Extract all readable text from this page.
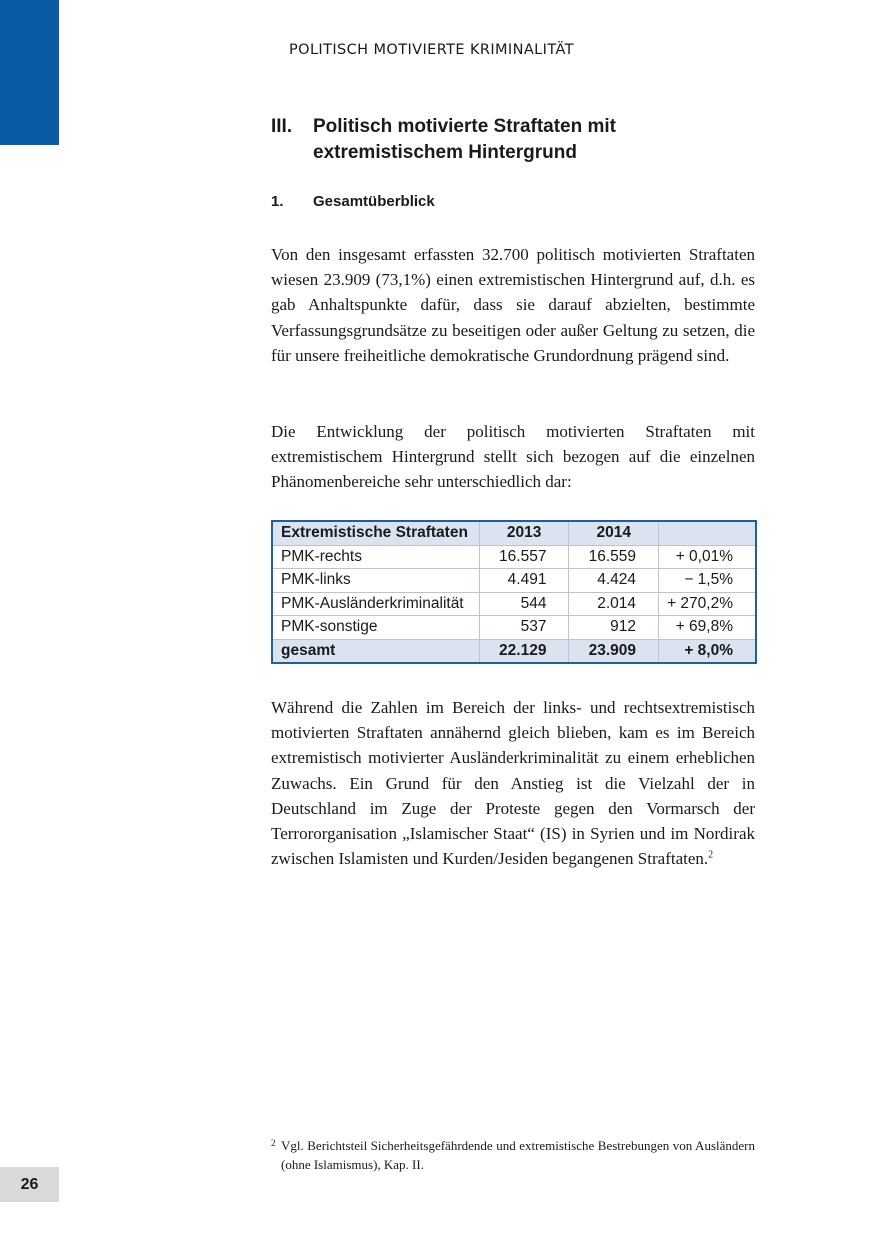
POLITISCH MOTIVIERTE KRIMINALITÄT
III.	Politisch motivierte Straftaten mit
extremistischem Hintergrund
1.	Gesamtüberblick

Von den insgesamt erfassten 32.700 politisch motivierten Straftaten wiesen 23.909 (73,1%) einen extremistischen Hintergrund auf, d.h. es gab Anhaltspunkte dafür, dass sie darauf abzielten, bestimmte Verfassungsgrundsätze zu beseitigen oder außer Geltung zu setzen, die für unsere freiheitliche demokratische Grundordnung prägend sind.

Die Entwicklung der politisch motivierten Straftaten mit extremistischem Hintergrund stellt sich bezogen auf die einzelnen Phänomenbereiche sehr unterschiedlich dar:

Extremistische Straftaten	2013	2014	
PMK-rechts	16.557	16.559	+ 0,01%
PMK-links	4.491	4.424	− 1,5%
PMK-Ausländerkriminalität	544	2.014	+ 270,2%
PMK-sonstige	537	912	+ 69,8%
gesamt	22.129	23.909	+ 8,0%

Während die Zahlen im Bereich der links- und rechtsextremistisch motivierten Straftaten annähernd gleich blieben, kam es im Bereich extremistisch motivierter Ausländerkriminalität zu einem erheblichen Zuwachs. Ein Grund für den Anstieg ist die Vielzahl der in Deutschland im Zuge der Proteste gegen den Vormarsch der Terrororganisation „Islamischer Staat“ (IS) in Syrien und im Nordirak zwischen Islamisten und Kurden/Jesiden begangenen Straftaten.$^2$

2 Vgl. Berichtsteil Sicherheitsgefährdende und extremistische Bestrebungen von Ausländern (ohne Islamismus), Kap. II.
26
